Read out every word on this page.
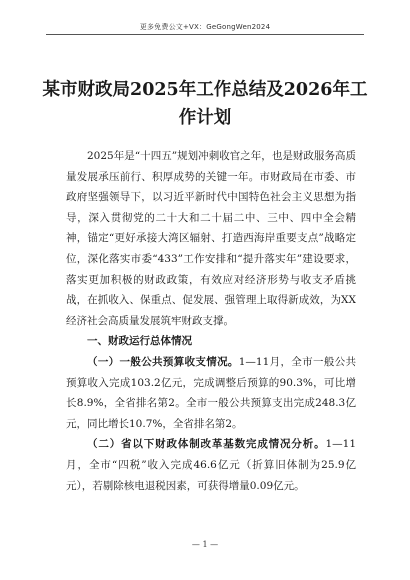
更多免费公文+VX：GeGongWen2024
某市财政局2025年工作总结及2026年工作计划

2025年是“十四五”规划冲刺收官之年，也是财政服务高质量发展承压前行、积厚成势的关键一年。市财政局在市委、市政府坚强领导下，以习近平新时代中国特色社会主义思想为指导，深入贯彻党的二十大和二十届二中、三中、四中全会精神，锚定“更好承接大湾区辐射、打造西海岸重要支点”战略定位，深化落实市委“433”工作安排和“提升落实年”建设要求，落实更加积极的财政政策，有效应对经济形势与收支矛盾挑战，在抓收入、保重点、促发展、强管理上取得新成效，为XX经济社会高质量发展筑牢财政支撑。

一、财政运行总体情况

（一）一般公共预算收支情况。1—11月，全市一般公共预算收入完成103.2亿元，完成调整后预算的90.3%，可比增长8.9%，全省排名第2。全市一般公共预算支出完成248.3亿元，同比增长10.7%，全省排名第2。

（二）省以下财政体制改革基数完成情况分析。1—11月，全市“四税”收入完成46.6亿元（折算旧体制为25.9亿元），若剔除核电退税因素，可获得增量0.09亿元。

— 1 —
